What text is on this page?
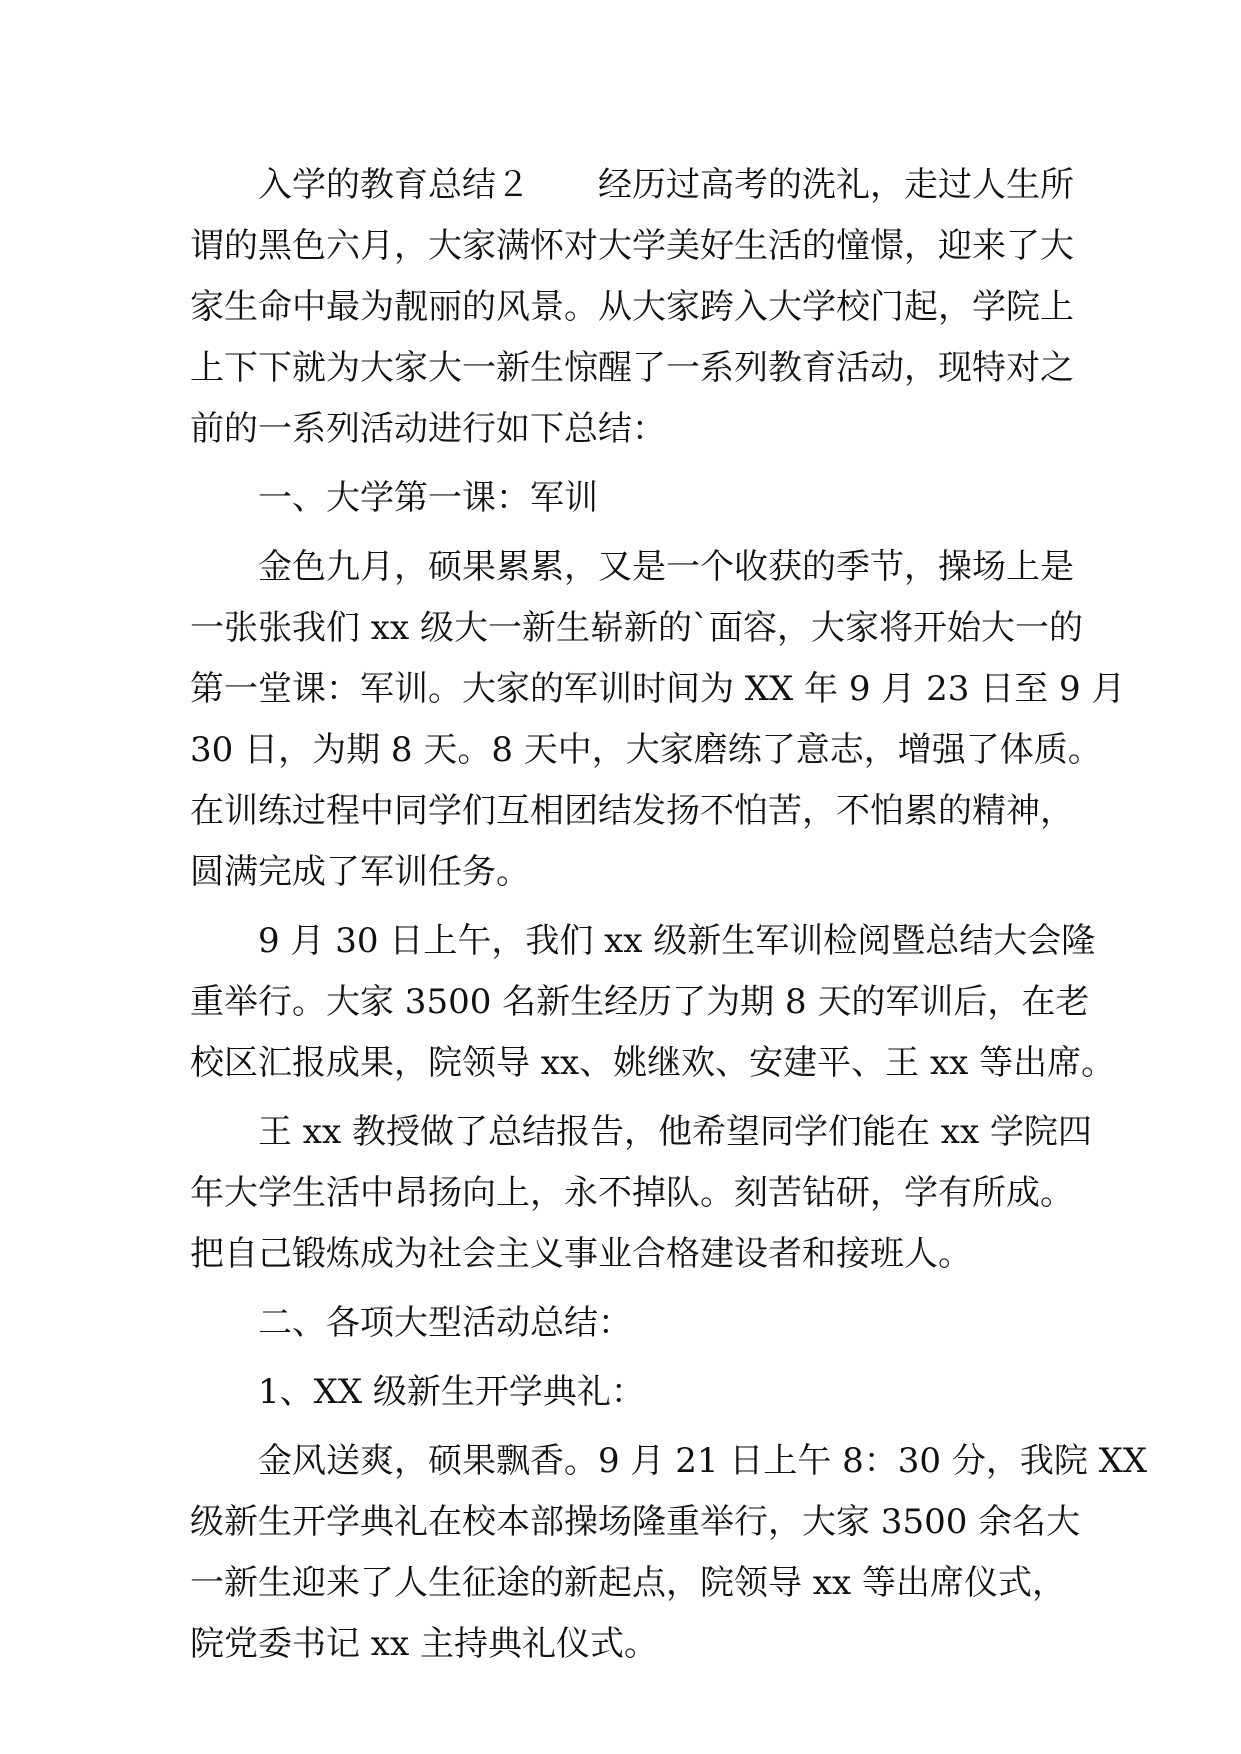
　　入学的教育总结２　　经历过高考的洗礼，走过人生所
谓的黑色六月，大家满怀对大学美好生活的憧憬，迎来了大
家生命中最为靓丽的风景。从大家跨入大学校门起，学院上
上下下就为大家大一新生惊醒了一系列教育活动，现特对之
前的一系列活动进行如下总结：
　　一、大学第一课：军训
　　金色九月，硕果累累，又是一个收获的季节，操场上是
一张张我们 xx 级大一新生崭新的`面容，大家将开始大一的
第一堂课：军训。大家的军训时间为 XX 年 9 月 23 日至 9 月
30 日，为期 8 天。8 天中，大家磨练了意志，增强了体质。
在训练过程中同学们互相团结发扬不怕苦，不怕累的精神，
圆满完成了军训任务。
　　9 月 30 日上午，我们 xx 级新生军训检阅暨总结大会隆
重举行。大家 3500 名新生经历了为期 8 天的军训后，在老
校区汇报成果，院领导 xx、姚继欢、安建平、王 xx 等出席。
　　王 xx 教授做了总结报告，他希望同学们能在 xx 学院四
年大学生活中昂扬向上，永不掉队。刻苦钻研，学有所成。
把自己锻炼成为社会主义事业合格建设者和接班人。
　　二、各项大型活动总结：
　　1、XX 级新生开学典礼：
　　金风送爽，硕果飘香。9 月 21 日上午 8：30 分，我院 XX
级新生开学典礼在校本部操场隆重举行，大家 3500 余名大
一新生迎来了人生征途的新起点，院领导 xx 等出席仪式，
院党委书记 xx 主持典礼仪式。
